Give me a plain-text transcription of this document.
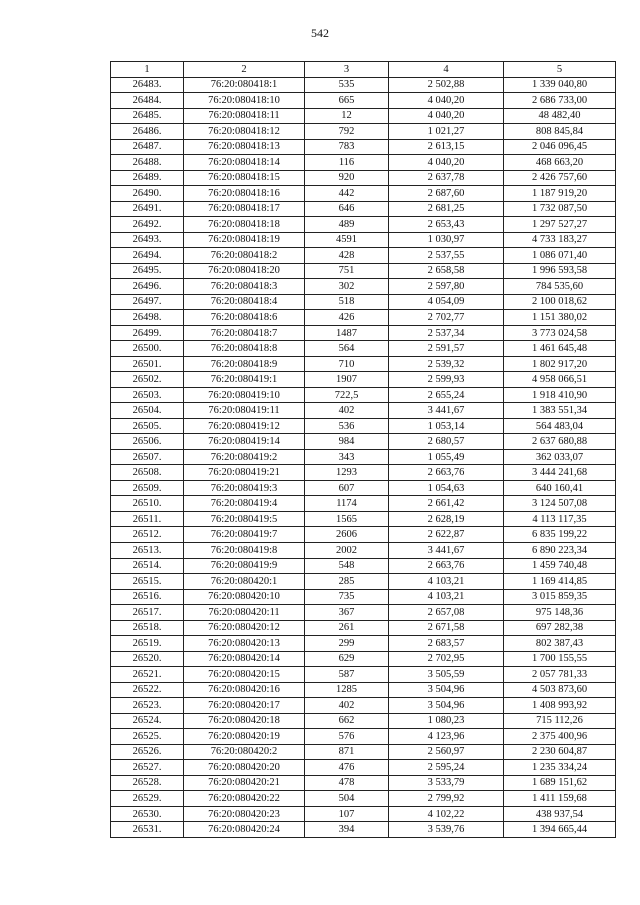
542
1	2	3	4	5
26483.	76:20:080418:1	535	2 502,88	1 339 040,80
26484.	76:20:080418:10	665	4 040,20	2 686 733,00
26485.	76:20:080418:11	12	4 040,20	48 482,40
26486.	76:20:080418:12	792	1 021,27	808 845,84
26487.	76:20:080418:13	783	2 613,15	2 046 096,45
26488.	76:20:080418:14	116	4 040,20	468 663,20
26489.	76:20:080418:15	920	2 637,78	2 426 757,60
26490.	76:20:080418:16	442	2 687,60	1 187 919,20
26491.	76:20:080418:17	646	2 681,25	1 732 087,50
26492.	76:20:080418:18	489	2 653,43	1 297 527,27
26493.	76:20:080418:19	4591	1 030,97	4 733 183,27
26494.	76:20:080418:2	428	2 537,55	1 086 071,40
26495.	76:20:080418:20	751	2 658,58	1 996 593,58
26496.	76:20:080418:3	302	2 597,80	784 535,60
26497.	76:20:080418:4	518	4 054,09	2 100 018,62
26498.	76:20:080418:6	426	2 702,77	1 151 380,02
26499.	76:20:080418:7	1487	2 537,34	3 773 024,58
26500.	76:20:080418:8	564	2 591,57	1 461 645,48
26501.	76:20:080418:9	710	2 539,32	1 802 917,20
26502.	76:20:080419:1	1907	2 599,93	4 958 066,51
26503.	76:20:080419:10	722,5	2 655,24	1 918 410,90
26504.	76:20:080419:11	402	3 441,67	1 383 551,34
26505.	76:20:080419:12	536	1 053,14	564 483,04
26506.	76:20:080419:14	984	2 680,57	2 637 680,88
26507.	76:20:080419:2	343	1 055,49	362 033,07
26508.	76:20:080419:21	1293	2 663,76	3 444 241,68
26509.	76:20:080419:3	607	1 054,63	640 160,41
26510.	76:20:080419:4	1174	2 661,42	3 124 507,08
26511.	76:20:080419:5	1565	2 628,19	4 113 117,35
26512.	76:20:080419:7	2606	2 622,87	6 835 199,22
26513.	76:20:080419:8	2002	3 441,67	6 890 223,34
26514.	76:20:080419:9	548	2 663,76	1 459 740,48
26515.	76:20:080420:1	285	4 103,21	1 169 414,85
26516.	76:20:080420:10	735	4 103,21	3 015 859,35
26517.	76:20:080420:11	367	2 657,08	975 148,36
26518.	76:20:080420:12	261	2 671,58	697 282,38
26519.	76:20:080420:13	299	2 683,57	802 387,43
26520.	76:20:080420:14	629	2 702,95	1 700 155,55
26521.	76:20:080420:15	587	3 505,59	2 057 781,33
26522.	76:20:080420:16	1285	3 504,96	4 503 873,60
26523.	76:20:080420:17	402	3 504,96	1 408 993,92
26524.	76:20:080420:18	662	1 080,23	715 112,26
26525.	76:20:080420:19	576	4 123,96	2 375 400,96
26526.	76:20:080420:2	871	2 560,97	2 230 604,87
26527.	76:20:080420:20	476	2 595,24	1 235 334,24
26528.	76:20:080420:21	478	3 533,79	1 689 151,62
26529.	76:20:080420:22	504	2 799,92	1 411 159,68
26530.	76:20:080420:23	107	4 102,22	438 937,54
26531.	76:20:080420:24	394	3 539,76	1 394 665,44
